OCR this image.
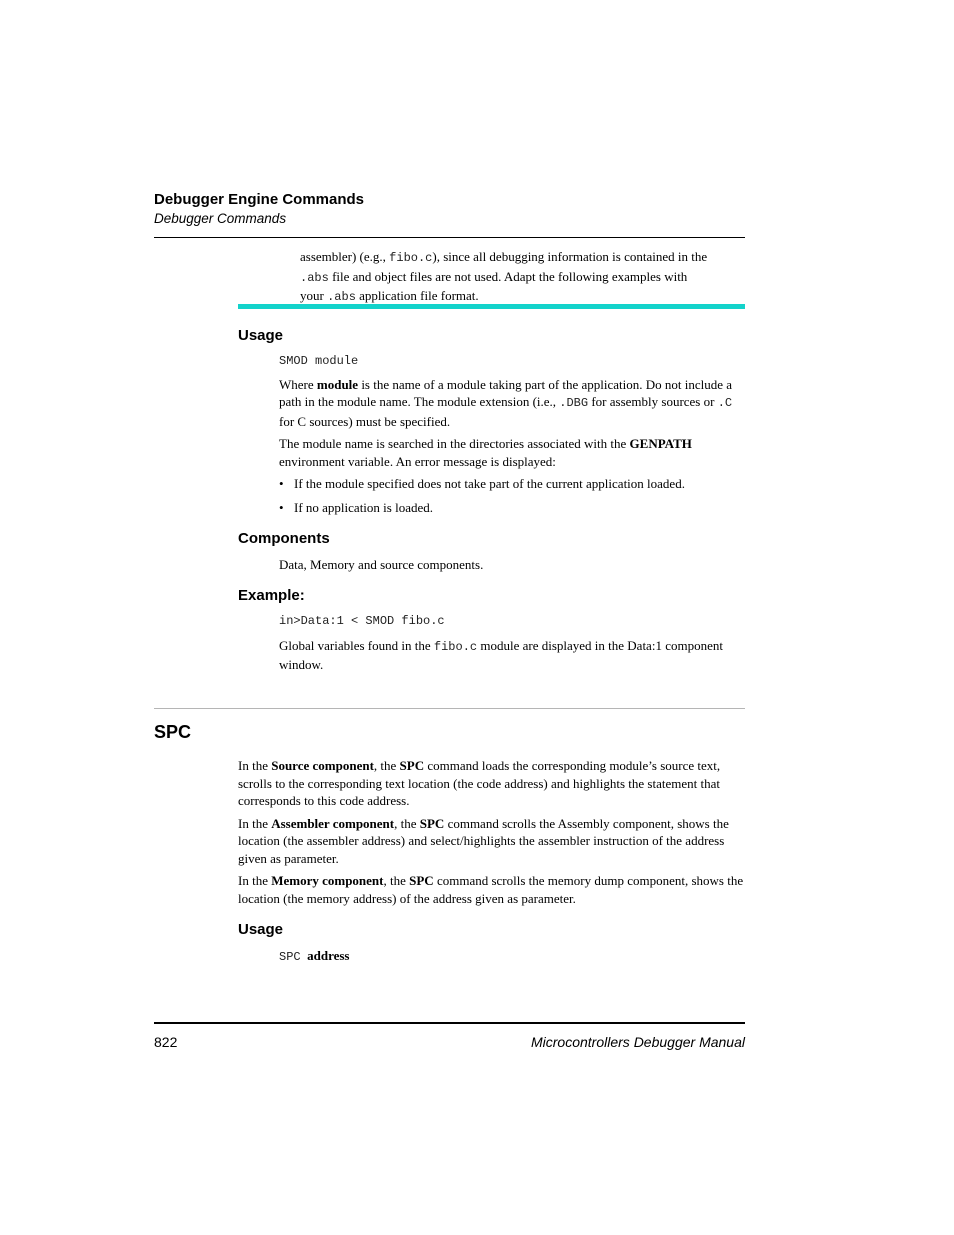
Debugger Engine Commands
Debugger Commands

assembler) (e.g., fibo.c), since all debugging information is contained in the

.abs file and object files are not used. Adapt the following examples with

your .abs application file format.

Usage

SMOD module

Where module is the name of a module taking part of the application. Do not include a path in the module name. The module extension (i.e., .DBG for assembly sources or .C for C sources) must be specified.

The module name is searched in the directories associated with the GENPATH environment variable. An error message is displayed:

• If the module specified does not take part of the current application loaded.

• If no application is loaded.

Components

Data, Memory and source components.

Example:

in>Data:1 < SMOD fibo.c

Global variables found in the fibo.c module are displayed in the Data:1 component window.

SPC

In the Source component, the SPC command loads the corresponding module’s source text, scrolls to the corresponding text location (the code address) and highlights the statement that corresponds to this code address.

In the Assembler component, the SPC command scrolls the Assembly component, shows the location (the assembler address) and select/highlights the assembler instruction of the address given as parameter.

In the Memory component, the SPC command scrolls the memory dump component, shows the location (the memory address) of the address given as parameter.

Usage

SPC address

822	Microcontrollers Debugger Manual
